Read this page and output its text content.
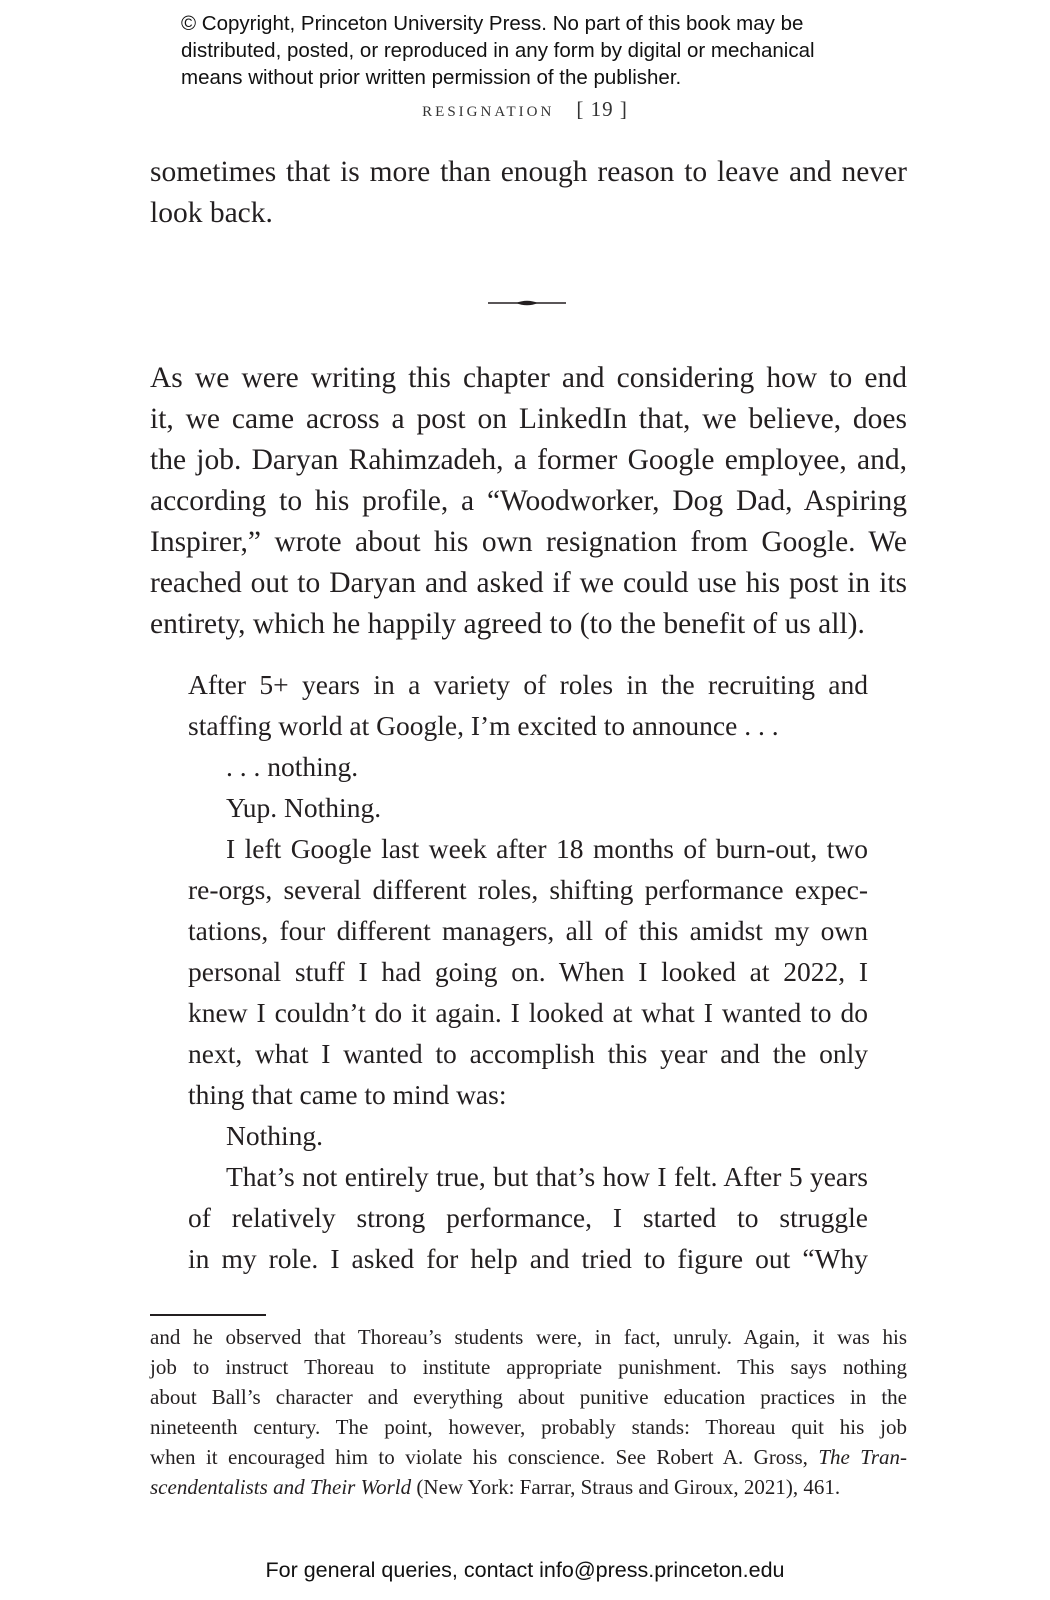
© Copyright, Princeton University Press. No part of this book may be
distributed, posted, or reproduced in any form by digital or mechanical
means without prior written permission of the publisher.
resignation [ 19 ]
sometimes that is more than enough reason to leave and never
look back.
As we were writing this chapter and considering how to end
it, we came across a post on LinkedIn that, we believe, does
the job. Daryan Rahimzadeh, a former Google employee, and,
according to his profile, a “Woodworker, Dog Dad, Aspiring
Inspirer,” wrote about his own resignation from Google. We
reached out to Daryan and asked if we could use his post in its
entirety, which he happily agreed to (to the benefit of us all).
After 5+ years in a variety of roles in the recruiting and
staffing world at Google, I’m excited to announce . . .
. . . nothing.
Yup. Nothing.
I left Google last week after 18 months of burn-out, two
re-orgs, several different roles, shifting performance expec-
tations, four different managers, all of this amidst my own
personal stuff I had going on. When I looked at 2022, I
knew I couldn’t do it again. I looked at what I wanted to do
next, what I wanted to accomplish this year and the only
thing that came to mind was:
Nothing.
That’s not entirely true, but that’s how I felt. After 5 years
of relatively strong performance, I started to struggle
in my role. I asked for help and tried to figure out “Why
and he observed that Thoreau’s students were, in fact, unruly. Again, it was his
job to instruct Thoreau to institute appropriate punishment. This says nothing
about Ball’s character and everything about punitive education practices in the
nineteenth century. The point, however, probably stands: Thoreau quit his job
when it encouraged him to violate his conscience. See Robert A. Gross, The Tran-
scendentalists and Their World (New York: Farrar, Straus and Giroux, 2021), 461.
For general queries, contact info@press.princeton.edu
